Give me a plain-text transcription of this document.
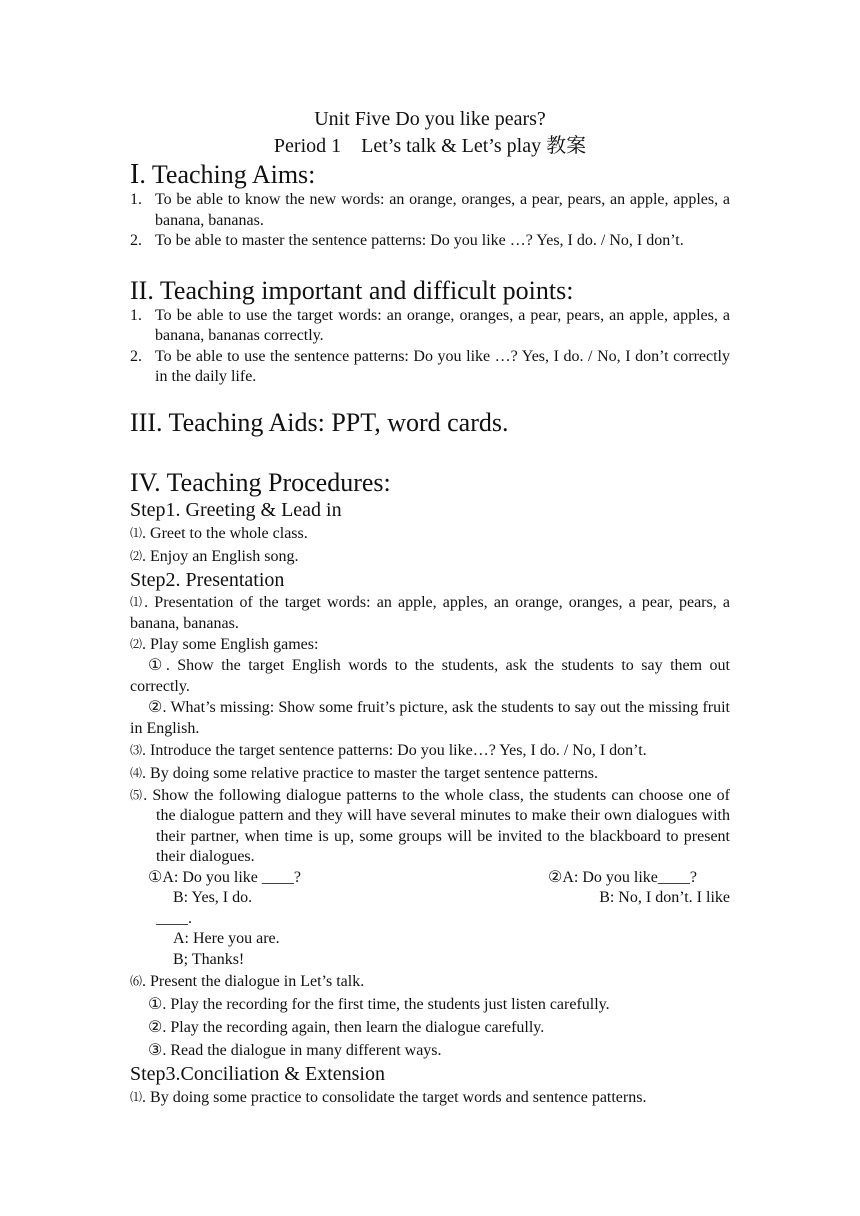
Unit Five Do you like pears?
Period 1    Let’s talk & Let’s play 教案
I. Teaching Aims:
1. To be able to know the new words: an orange, oranges, a pear, pears, an apple, apples, a banana, bananas.
2. To be able to master the sentence patterns: Do you like …? Yes, I do. / No, I don’t.
II. Teaching important and difficult points:
1. To be able to use the target words: an orange, oranges, a pear, pears, an apple, apples, a banana, bananas correctly.
2. To be able to use the sentence patterns: Do you like …? Yes, I do. / No, I don’t correctly in the daily life.
III. Teaching Aids: PPT, word cards.
IV. Teaching Procedures:
Step1. Greeting & Lead in
⑴. Greet to the whole class.
⑵. Enjoy an English song.
Step2. Presentation
⑴. Presentation of the target words: an apple, apples, an orange, oranges, a pear, pears, a banana, bananas.
⑵. Play some English games:
①. Show the target English words to the students, ask the students to say them out correctly.
②. What’s missing: Show some fruit’s picture, ask the students to say out the missing fruit in English.
⑶. Introduce the target sentence patterns: Do you like…? Yes, I do. / No, I don’t.
⑷. By doing some relative practice to master the target sentence patterns.
⑸. Show the following dialogue patterns to the whole class, the students can choose one of the dialogue pattern and they will have several minutes to make their own dialogues with their partner, when time is up, some groups will be invited to the blackboard to present their dialogues.
①A: Do you like ____?	②A: Do you like____?
B: Yes, I do.	B: No, I don’t. I like
____.
A: Here you are.
B; Thanks!
⑹. Present the dialogue in Let’s talk.
①. Play the recording for the first time, the students just listen carefully.
②. Play the recording again, then learn the dialogue carefully.
③. Read the dialogue in many different ways.
Step3.Conciliation & Extension
⑴. By doing some practice to consolidate the target words and sentence patterns.
